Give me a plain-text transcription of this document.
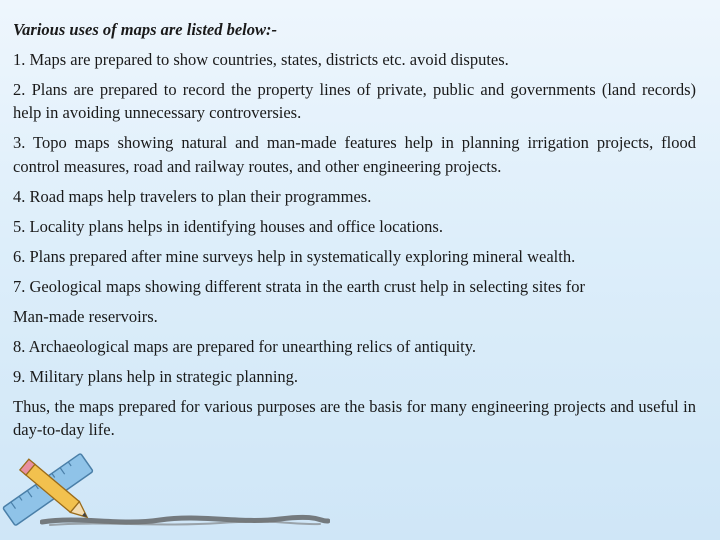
Various uses of maps are listed below:-
1. Maps are prepared to show countries, states, districts etc. avoid disputes.
2. Plans are prepared to record the property lines of private, public and governments (land records) help in avoiding unnecessary controversies.
3. Topo maps showing natural and man-made features help in planning irrigation projects, flood control measures, road and railway routes, and other engineering projects.
4. Road maps help travelers to plan their programmes.
5. Locality plans helps in identifying houses and office locations.
6. Plans prepared after mine surveys help in systematically exploring mineral wealth.
7. Geological maps showing different strata in the earth crust help in selecting sites for
Man-made reservoirs.
8. Archaeological maps are prepared for unearthing relics of antiquity.
9. Military plans help in strategic planning.
Thus, the maps prepared for various purposes are the basis for many engineering projects and useful in day-to-day life.
